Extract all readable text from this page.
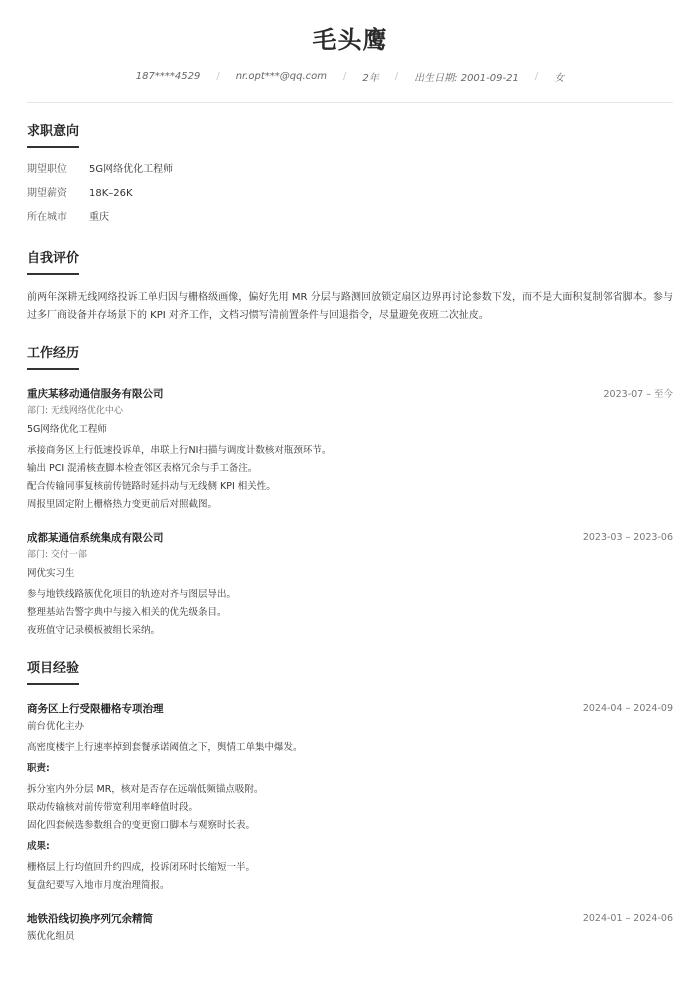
毛头鹰
187****4529 / nr.opt***@qq.com / 2年 / 出生日期: 2001-09-21 / 女
求职意向
期望职位	5G网络优化工程师
期望薪资	18K–26K
所在城市	重庆
自我评价
前两年深耕无线网络投诉工单归因与栅格级画像，偏好先用 MR 分层与路测回放锁定扇区边界再讨论参数下发，而不是大面积复制邻省脚本。参与过多厂商设备并存场景下的 KPI 对齐工作，文档习惯写清前置条件与回退指令，尽量避免夜班二次扯皮。
工作经历
重庆某移动通信服务有限公司	2023-07 – 至今
部门: 无线网络优化中心
5G网络优化工程师
承接商务区上行低速投诉单，串联上行NI扫描与调度计数核对瓶颈环节。
输出 PCI 混淆核查脚本检查邻区表格冗余与手工备注。
配合传输同事复核前传链路时延抖动与无线侧 KPI 相关性。
周报里固定附上栅格热力变更前后对照截图。
成都某通信系统集成有限公司	2023-03 – 2023-06
部门: 交付一部
网优实习生
参与地铁线路簇优化项目的轨迹对齐与图层导出。
整理基站告警字典中与接入相关的优先级条目。
夜班值守记录模板被组长采纳。
项目经验
商务区上行受限栅格专项治理	2024-04 – 2024-09
前台优化主办
高密度楼宇上行速率掉到套餐承诺阈值之下，舆情工单集中爆发。
职责:
拆分室内外分层 MR，核对是否存在远端低频锚点吸附。
联动传输核对前传带宽利用率峰值时段。
固化四套候选参数组合的变更窗口脚本与观察时长表。
成果:
栅格层上行均值回升约四成，投诉闭环时长缩短一半。
复盘纪要写入地市月度治理简报。
地铁沿线切换序列冗余精简	2024-01 – 2024-06
簇优化组员
